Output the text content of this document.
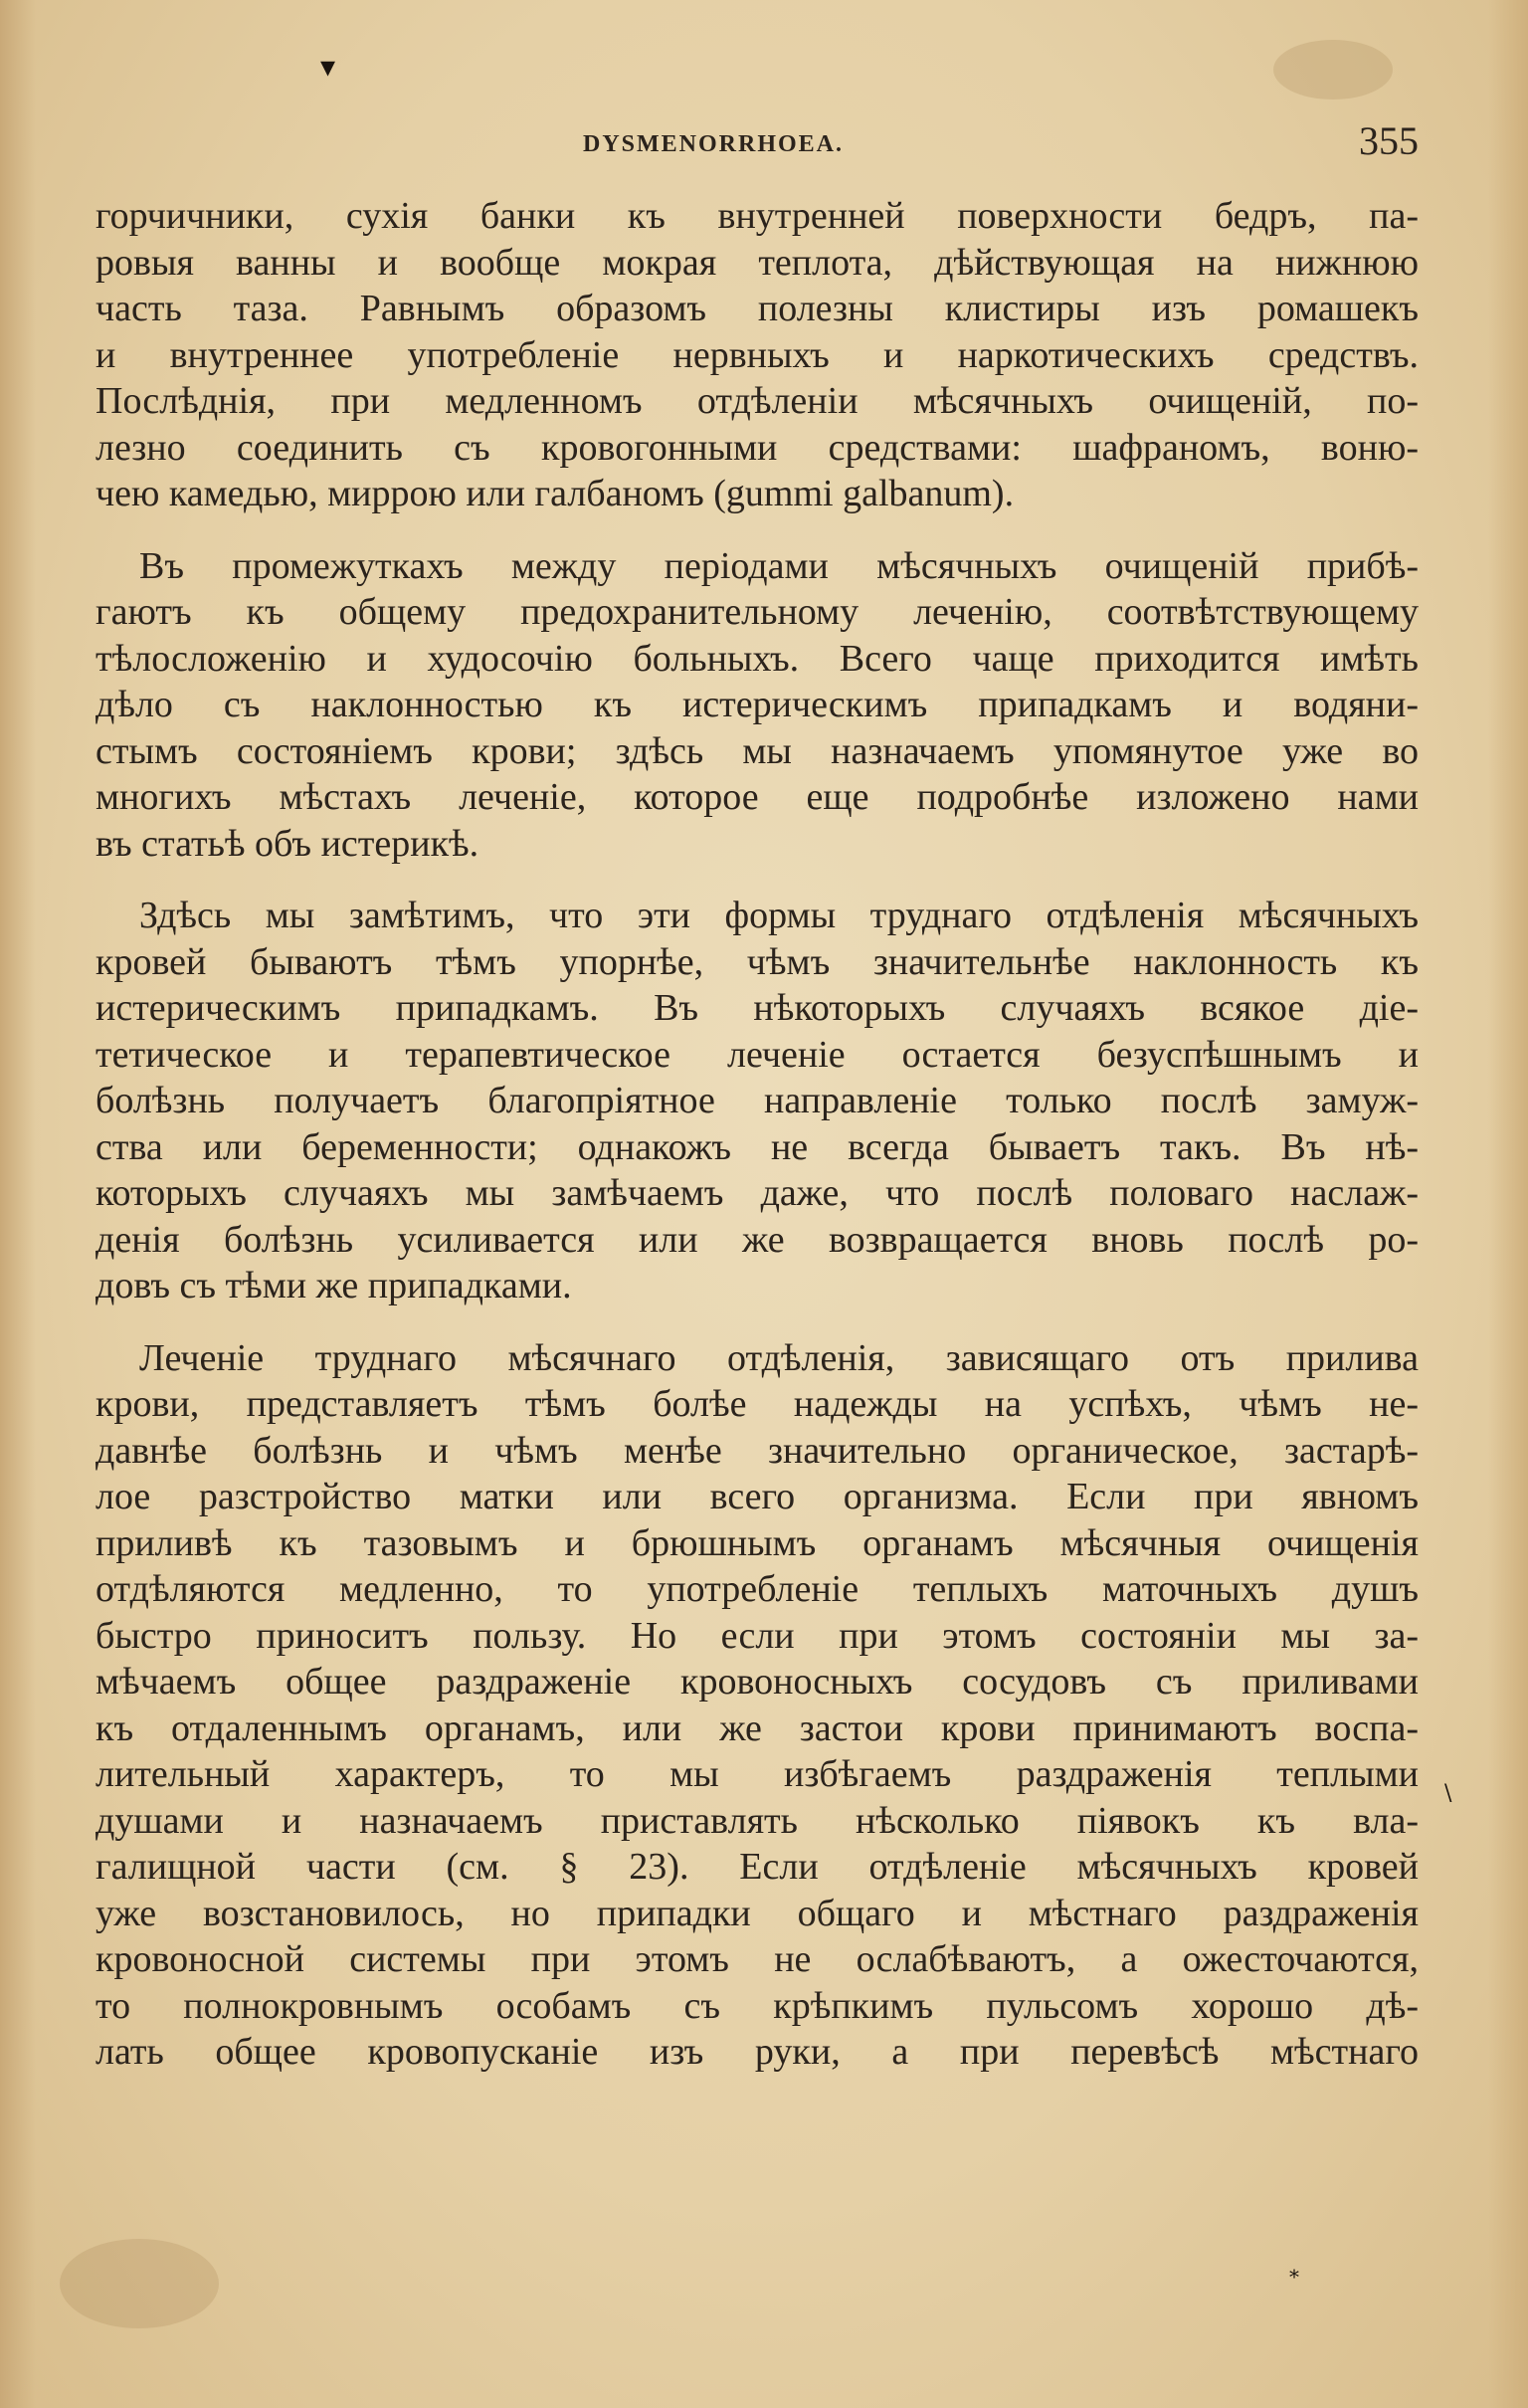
▾
\
*
DYSMENORRHOEA.	355
горчичники, сухія банки къ внутренней поверхности бедръ, па-
ровыя ванны и вообще мокрая теплота, дѣйствующая на нижнюю
часть таза. Равнымъ образомъ полезны клистиры изъ ромашекъ
и внутреннее употребленіе нервныхъ и наркотическихъ средствъ.
Послѣднія, при медленномъ отдѣленіи мѣсячныхъ очищеній, по-
лезно соединить съ кровогонными средствами: шафраномъ, воню-
чею камедью, миррою или галбаномъ (gummi galbanum).
Въ промежуткахъ между періодами мѣсячныхъ очищеній прибѣ-
гаютъ къ общему предохранительному леченію, соотвѣтствующему
тѣлосложенію и худосочію больныхъ. Всего чаще приходится имѣть
дѣло съ наклонностью къ истерическимъ припадкамъ и водяни-
стымъ состояніемъ крови; здѣсь мы назначаемъ упомянутое уже во
многихъ мѣстахъ леченіе, которое еще подробнѣе изложено нами
въ статьѣ объ истерикѣ.
Здѣсь мы замѣтимъ, что эти формы труднаго отдѣленія мѣсячныхъ
кровей бываютъ тѣмъ упорнѣе, чѣмъ значительнѣе наклонность къ
истерическимъ припадкамъ. Въ нѣкоторыхъ случаяхъ всякое діе-
тетическое и терапевтическое леченіе остается безуспѣшнымъ и
болѣзнь получаетъ благопріятное направленіе только послѣ замуж-
ства или беременности; однакожъ не всегда бываетъ такъ. Въ нѣ-
которыхъ случаяхъ мы замѣчаемъ даже, что послѣ половаго наслаж-
денія болѣзнь усиливается или же возвращается вновь послѣ ро-
довъ съ тѣми же припадками.
Леченіе труднаго мѣсячнаго отдѣленія, зависящаго отъ прилива
крови, представляетъ тѣмъ болѣе надежды на успѣхъ, чѣмъ не-
давнѣе болѣзнь и чѣмъ менѣе значительно органическое, застарѣ-
лое разстройство матки или всего организма. Если при явномъ
приливѣ къ тазовымъ и брюшнымъ органамъ мѣсячныя очищенія
отдѣляются медленно, то употребленіе теплыхъ маточныхъ душъ
быстро приноситъ пользу. Но если при этомъ состояніи мы за-
мѣчаемъ общее раздраженіе кровоносныхъ сосудовъ съ приливами
къ отдаленнымъ органамъ, или же застои крови принимаютъ воспа-
лительный характеръ, то мы избѣгаемъ раздраженія теплыми
душами и назначаемъ приставлять нѣсколько піявокъ къ вла-
галищной части (см. § 23). Если отдѣленіе мѣсячныхъ кровей
уже возстановилось, но припадки общаго и мѣстнаго раздраженія
кровоносной системы при этомъ не ослабѣваютъ, а ожесточаются,
то полнокровнымъ особамъ съ крѣпкимъ пульсомъ хорошо дѣ-
лать общее кровопусканіе изъ руки, а при перевѣсѣ мѣстнаго
